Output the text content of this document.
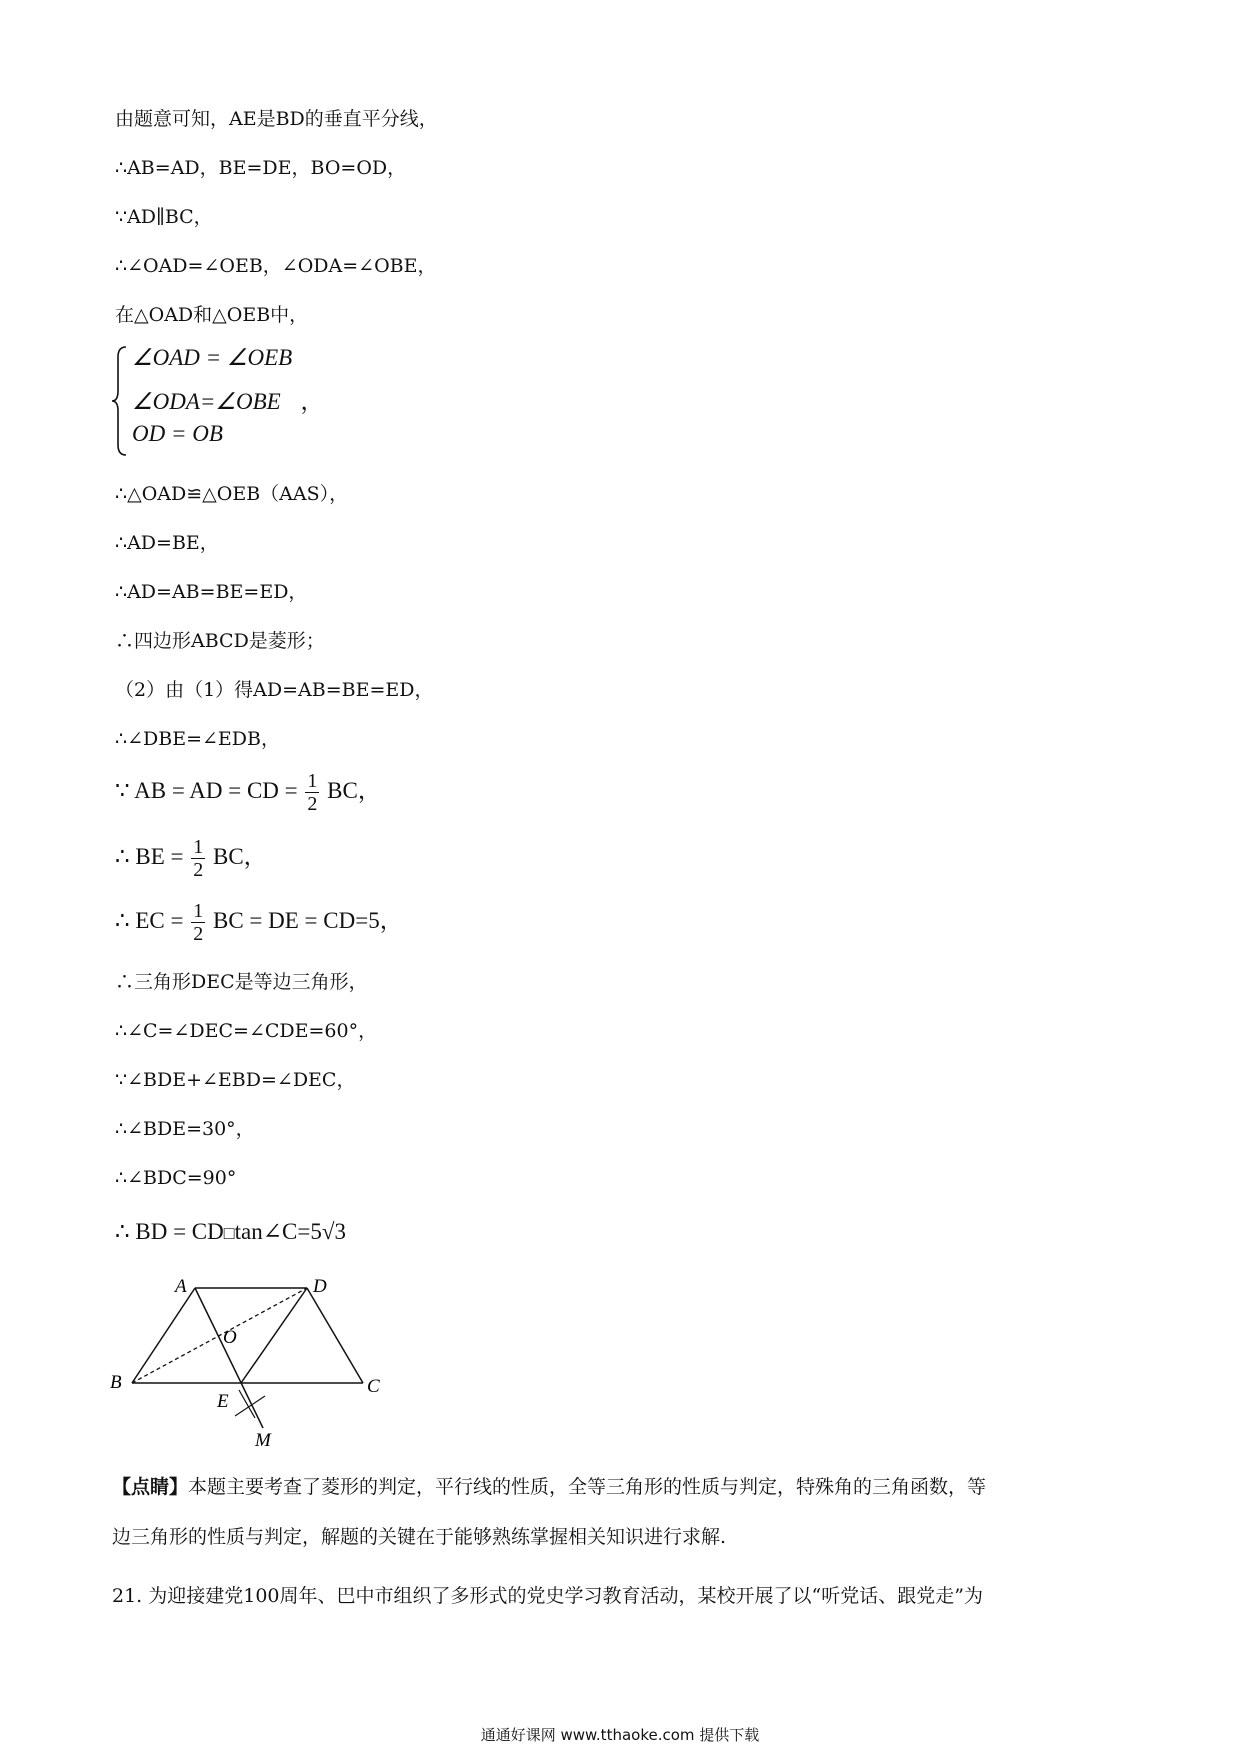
由题意可知，AE是BD的垂直平分线，
∴AB=AD，BE=DE，BO=OD，
∵AD∥BC，
∴∠OAD=∠OEB，∠ODA=∠OBE，
在△OAD和△OEB中，
∠OAD = ∠OEB
∠ODA=∠OBE ，
OD = OB
∴△OAD≌△OEB（AAS），
∴AD=BE，
∴AD=AB=BE=ED，
∴四边形ABCD是菱形；
（2）由（1）得AD=AB=BE=ED，
∴∠DBE=∠EDB，
∵ AB = AD = CD = $\frac{1}{2}$ BC，
∴ BE = $\frac{1}{2}$ BC，
∴ EC = $\frac{1}{2}$ BC = DE = CD=5，
∴三角形DEC是等边三角形，
∴∠C=∠DEC=∠CDE=60°，
∵∠BDE+∠EBD=∠DEC，
∴∠BDE=30°，
∴∠BDC=90°
∴ BD = CD□tan∠C=5√3
A	D
B	C
O
E
M
【点睛】本题主要考查了菱形的判定，平行线的性质，全等三角形的性质与判定，特殊角的三角函数，等
边三角形的性质与判定，解题的关键在于能够熟练掌握相关知识进行求解.
21. 为迎接建党100周年、巴中市组织了多形式的党史学习教育活动，某校开展了以“听党话、跟党走”为
通通好课网 www.tthaoke.com 提供下载
